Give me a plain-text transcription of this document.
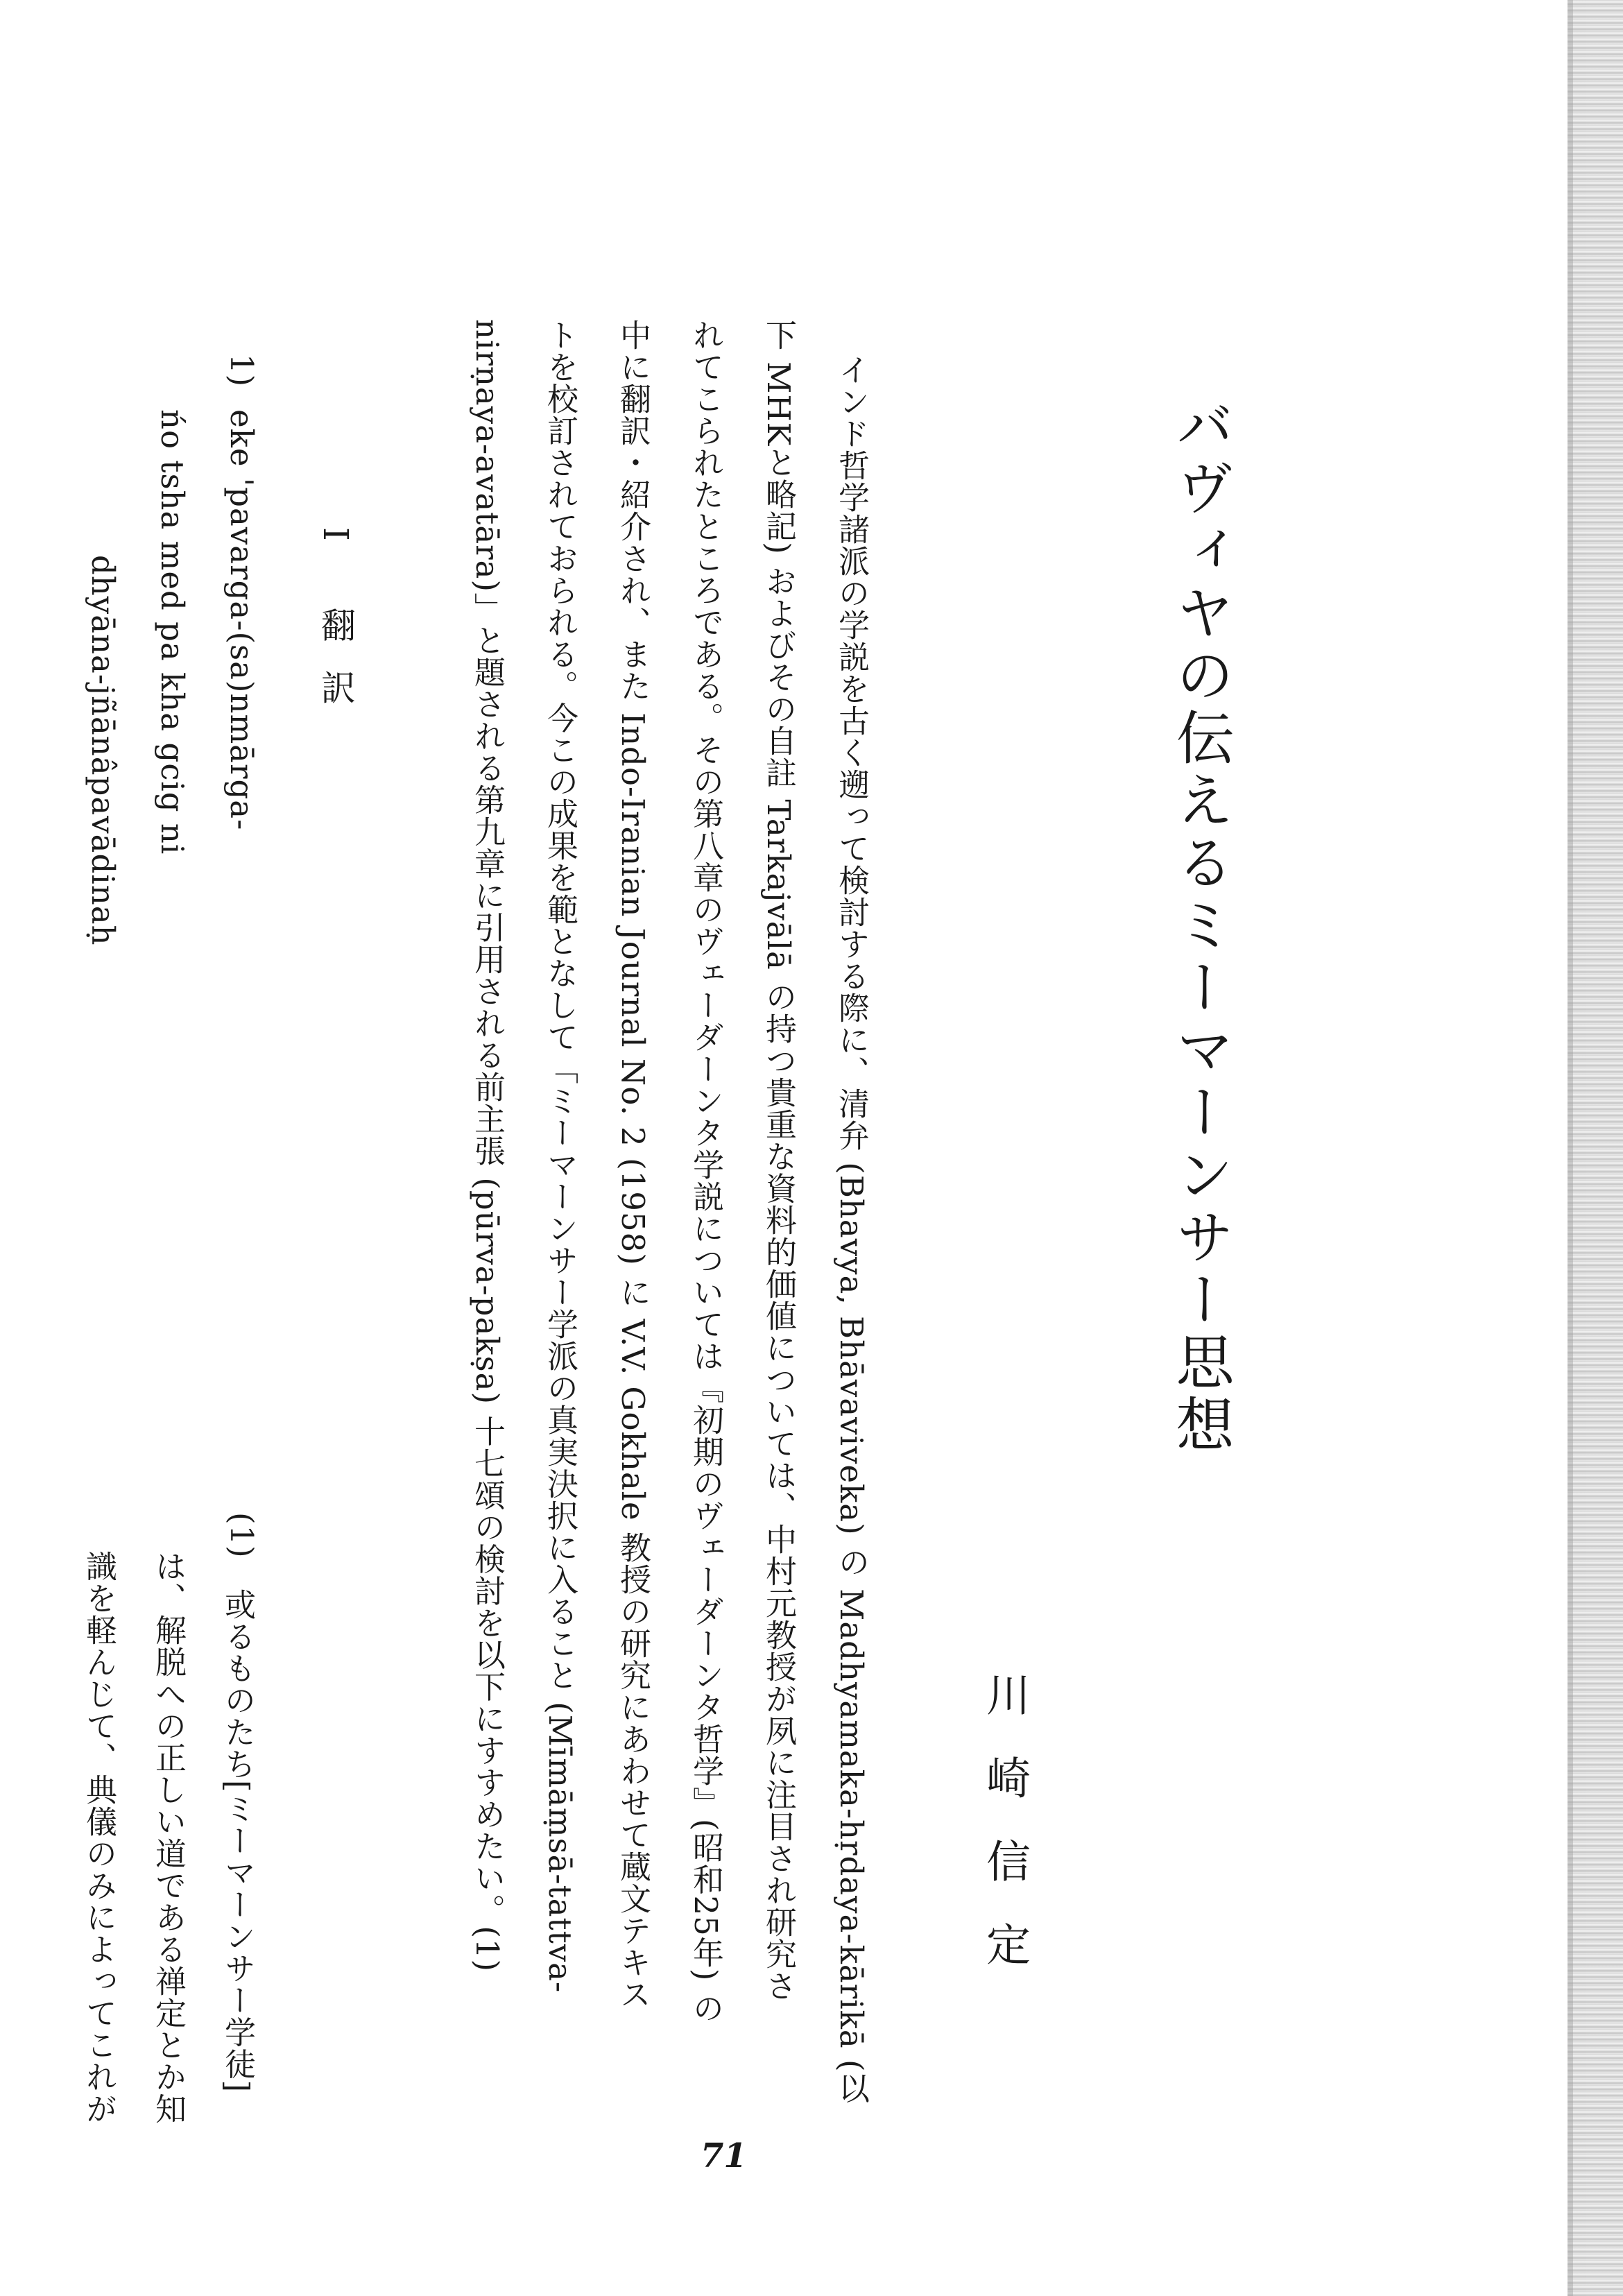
バヴィヤの伝えるミーマーンサー思想
川崎信定
インド哲学諸派の学説を古く遡って検討する際に、清弁 (Bhavya, Bhāvaviveka) の Madhyamaka-hṛdaya-kārikā (以
下 MHKと略記) およびその自註 Tarkajvālā の持つ貴重な資料的価値については、中村元教授が夙に注目され研究さ
れてこられたところである。その第八章のヴェーダーンタ学説については『初期のヴェーダーンタ哲学』(昭和25年) の
中に翻訳・紹介され、また Indo-Iranian Journal No. 2 (1958) に V.V. Gokhale 教授の研究にあわせて蔵文テキス
トを校訂されておられる。今この成果を範となして「ミーマーンサー学派の真実決択に入ること (Mīmāṃsā-tattva-
nirṇaya-avatāra)」と題される第九章に引用される前主張 (pūrva-pakṣa) 十七頌の検討を以下にすすめたい。(1)
I 翻訳
1)
eke 'pavarga-(sa)nmārga-
ńo tsha med pa kha gcig ni
dhyāna-jñānâpavādinaḥ
(1)
或るものたち[ミーマーンサー学徒]
は、解脱への正しい道である禅定とか知
識を軽んじて、典儀のみによってこれが
71
